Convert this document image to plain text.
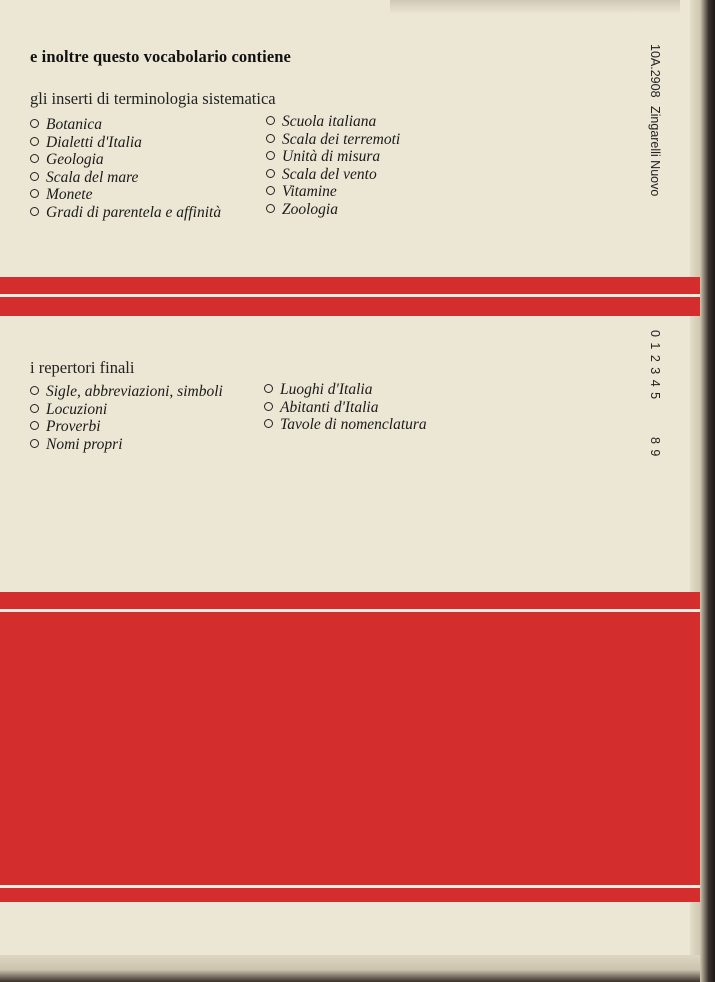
e inoltre questo vocabolario contiene
gli inserti di terminologia sistematica
Botanica
Dialetti d'Italia
Geologia
Scala del mare
Monete
Gradi di parentela e affinità
Scuola italiana
Scala dei terremoti
Unità di misura
Scala del vento
Vitamine
Zoologia
i repertori finali
Sigle, abbreviazioni, simboli
Locuzioni
Proverbi
Nomi propri
Luoghi d'Italia
Abitanti d'Italia
Tavole di nomenclatura
10A.2908
Zingarelli Nuovo
0 1 2 3 4 5
8 9
